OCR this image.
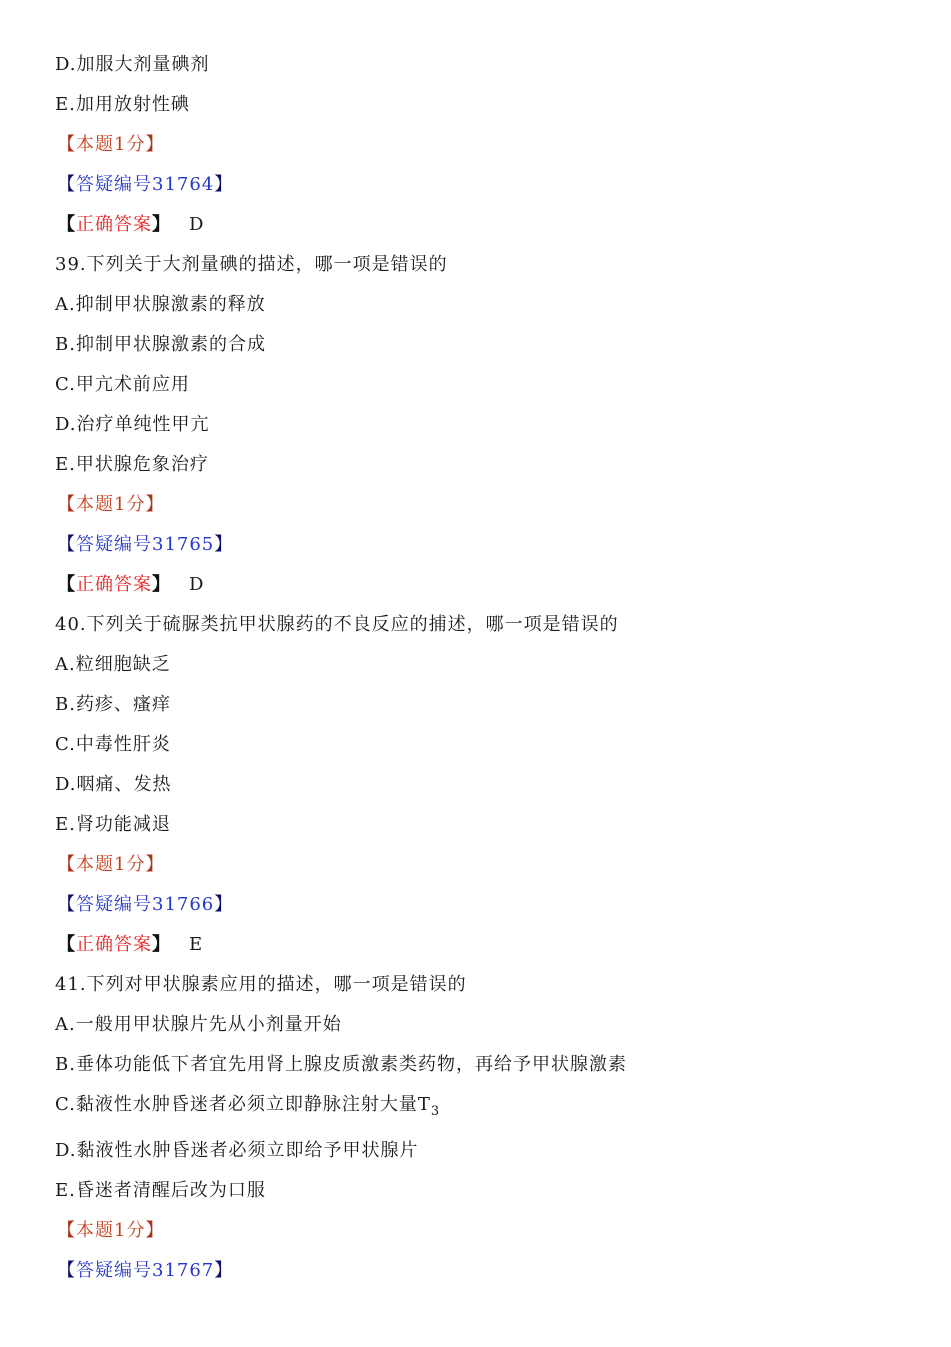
D.加服大剂量碘剂
E.加用放射性碘
【本题1分】
【答疑编号31764】
【正确答案】 D
39.下列关于大剂量碘的描述，哪一项是错误的
A.抑制甲状腺激素的释放
B.抑制甲状腺激素的合成
C.甲亢术前应用
D.治疗单纯性甲亢
E.甲状腺危象治疗
【本题1分】
【答疑编号31765】
【正确答案】 D
40.下列关于硫脲类抗甲状腺药的不良反应的捕述，哪一项是错误的
A.粒细胞缺乏
B.药疹、瘙痒
C.中毒性肝炎
D.咽痛、发热
E.肾功能减退
【本题1分】
【答疑编号31766】
【正确答案】 E
41.下列对甲状腺素应用的描述，哪一项是错误的
A.一般用甲状腺片先从小剂量开始
B.垂体功能低下者宜先用肾上腺皮质激素类药物，再给予甲状腺激素
C.黏液性水肿昏迷者必须立即静脉注射大量$T_3$
D.黏液性水肿昏迷者必须立即给予甲状腺片
E.昏迷者清醒后改为口服
【本题1分】
【答疑编号31767】
